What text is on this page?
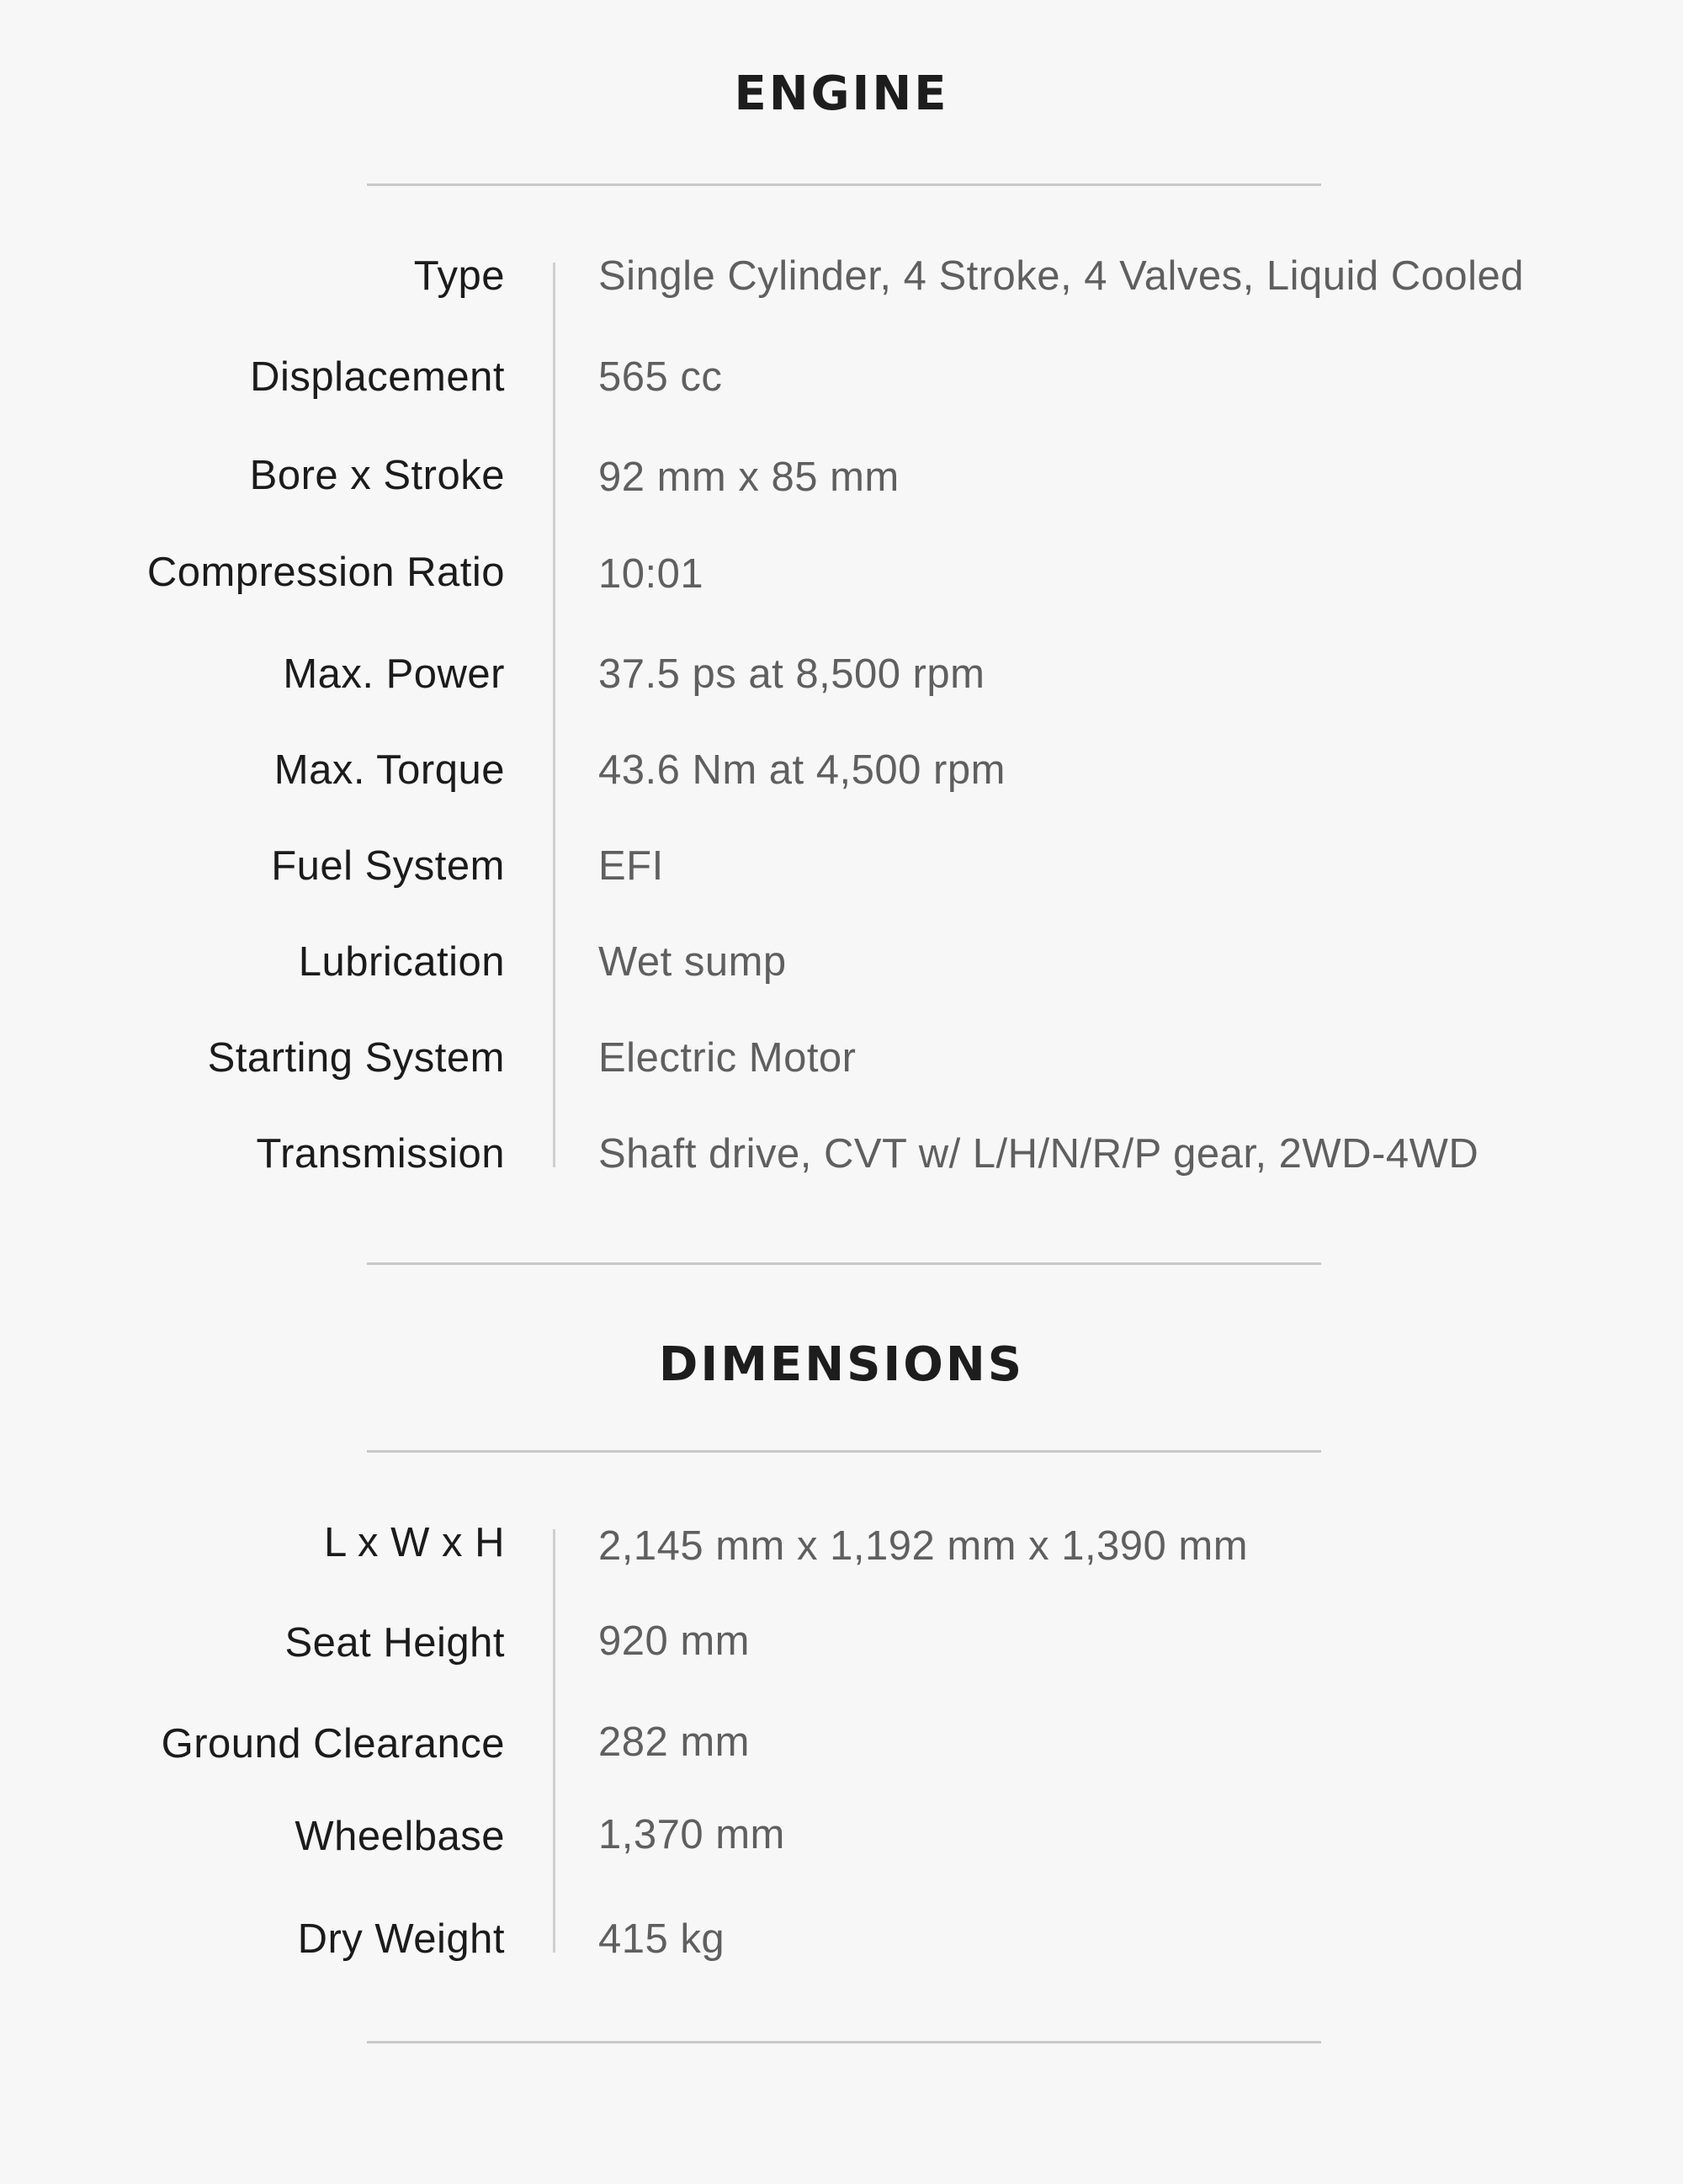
ENGINE
Type Single Cylinder, 4 Stroke, 4 Valves, Liquid Cooled
Displacement 565 cc
Bore x Stroke 92 mm x 85 mm
Compression Ratio 10:01
Max. Power 37.5 ps at 8,500 rpm
Max. Torque 43.6 Nm at 4,500 rpm
Fuel System EFI
Lubrication Wet sump
Starting System Electric Motor
Transmission Shaft drive, CVT w/ L/H/N/R/P gear, 2WD-4WD
DIMENSIONS
L x W x H 2,145 mm x 1,192 mm x 1,390 mm
Seat Height 920 mm
Ground Clearance 282 mm
Wheelbase 1,370 mm
Dry Weight 415 kg
